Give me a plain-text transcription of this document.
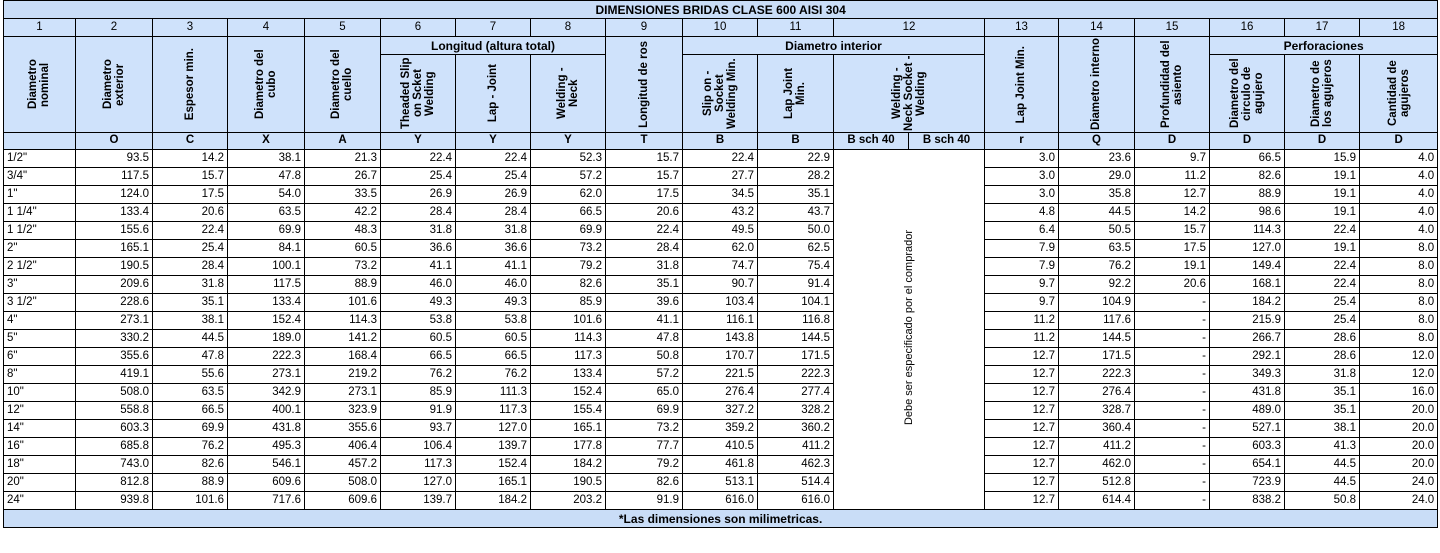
DIMENSIONES BRIDAS CLASE 600 AISI 304																		
1	2	3	4	5	6	7	8	9	10	11	12		13	14	15	16	17	18

Diametro nominal	Diametro exterior	Espesor min.	Diametro del cubo	Diametro del cuello	Longitud (altura total)			Longitud de ros	Diametro interior				Lap Joint Min.	Diametro interno	Profundidad del asiento	Perforaciones		

					Theaded Slip on Scket Welding	Lap - Joint	Welding - Neck		Slip on - Socket Welding Min.	Lap Joint Min.	Welding - Neck Socket - Welding					Diametro del circulo de agujero	Diametro de los agujeros	Cantidad de agujeros

	O	C	X	A	Y	Y	Y	T	B	B	B sch 40	B sch 40	r	Q	D	D	D	D
1/2"	93.5	14.2	38.1	21.3	22.4	22.4	52.3	15.7	22.4	22.9	Debe ser especificado por el comprador		3.0	23.6	9.7	66.5	15.9	4.0
3/4"	117.5	15.7	47.8	26.7	25.4	25.4	57.2	15.7	27.7	28.2			3.0	29.0	11.2	82.6	19.1	4.0
1"	124.0	17.5	54.0	33.5	26.9	26.9	62.0	17.5	34.5	35.1			3.0	35.8	12.7	88.9	19.1	4.0
1 1/4"	133.4	20.6	63.5	42.2	28.4	28.4	66.5	20.6	43.2	43.7			4.8	44.5	14.2	98.6	19.1	4.0
1 1/2"	155.6	22.4	69.9	48.3	31.8	31.8	69.9	22.4	49.5	50.0			6.4	50.5	15.7	114.3	22.4	4.0
2"	165.1	25.4	84.1	60.5	36.6	36.6	73.2	28.4	62.0	62.5			7.9	63.5	17.5	127.0	19.1	8.0
2 1/2"	190.5	28.4	100.1	73.2	41.1	41.1	79.2	31.8	74.7	75.4			7.9	76.2	19.1	149.4	22.4	8.0
3"	209.6	31.8	117.5	88.9	46.0	46.0	82.6	35.1	90.7	91.4			9.7	92.2	20.6	168.1	22.4	8.0
3 1/2"	228.6	35.1	133.4	101.6	49.3	49.3	85.9	39.6	103.4	104.1			9.7	104.9	-	184.2	25.4	8.0
4"	273.1	38.1	152.4	114.3	53.8	53.8	101.6	41.1	116.1	116.8			11.2	117.6	-	215.9	25.4	8.0
5"	330.2	44.5	189.0	141.2	60.5	60.5	114.3	47.8	143.8	144.5			11.2	144.5	-	266.7	28.6	8.0
6"	355.6	47.8	222.3	168.4	66.5	66.5	117.3	50.8	170.7	171.5			12.7	171.5	-	292.1	28.6	12.0
8"	419.1	55.6	273.1	219.2	76.2	76.2	133.4	57.2	221.5	222.3			12.7	222.3	-	349.3	31.8	12.0
10"	508.0	63.5	342.9	273.1	85.9	111.3	152.4	65.0	276.4	277.4			12.7	276.4	-	431.8	35.1	16.0
12"	558.8	66.5	400.1	323.9	91.9	117.3	155.4	69.9	327.2	328.2			12.7	328.7	-	489.0	35.1	20.0
14"	603.3	69.9	431.8	355.6	93.7	127.0	165.1	73.2	359.2	360.2			12.7	360.4	-	527.1	38.1	20.0
16"	685.8	76.2	495.3	406.4	106.4	139.7	177.8	77.7	410.5	411.2			12.7	411.2	-	603.3	41.3	20.0
18"	743.0	82.6	546.1	457.2	117.3	152.4	184.2	79.2	461.8	462.3			12.7	462.0	-	654.1	44.5	20.0
20"	812.8	88.9	609.6	508.0	127.0	165.1	190.5	82.6	513.1	514.4			12.7	512.8	-	723.9	44.5	24.0
24"	939.8	101.6	717.6	609.6	139.7	184.2	203.2	91.9	616.0	616.0			12.7	614.4	-	838.2	50.8	24.0
*Las dimensiones son milimetricas.																		
